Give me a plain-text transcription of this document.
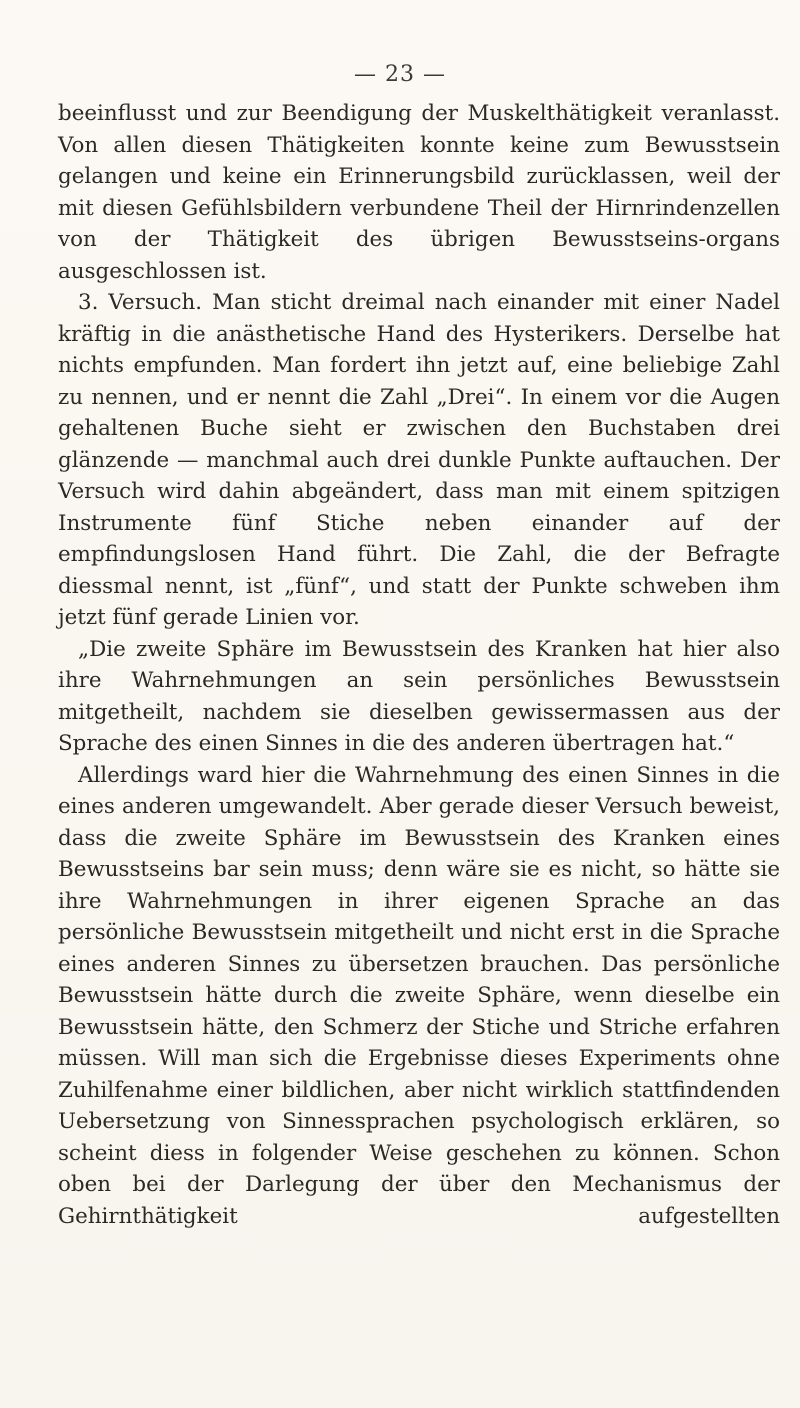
— 23 —

beeinflusst und zur Beendigung der Muskelthätigkeit veranlasst. Von allen diesen Thätigkeiten konnte keine zum Bewusstsein gelangen und keine ein Erinnerungsbild zurücklassen, weil der mit diesen Gefühlsbildern verbundene Theil der Hirnrindenzellen von der Thätigkeit des übrigen Bewusstseins-organs ausgeschlossen ist.

3. Versuch. Man sticht dreimal nach einander mit einer Nadel kräftig in die anästhetische Hand des Hysterikers. Derselbe hat nichts empfunden. Man fordert ihn jetzt auf, eine beliebige Zahl zu nennen, und er nennt die Zahl „Drei“. In einem vor die Augen gehaltenen Buche sieht er zwischen den Buchstaben drei glänzende — manchmal auch drei dunkle Punkte auftauchen. Der Versuch wird dahin abgeändert, dass man mit einem spitzigen Instrumente fünf Stiche neben einander auf der empfindungslosen Hand führt. Die Zahl, die der Befragte diessmal nennt, ist „fünf“, und statt der Punkte schweben ihm jetzt fünf gerade Linien vor.

„Die zweite Sphäre im Bewusstsein des Kranken hat hier also ihre Wahrnehmungen an sein persönliches Bewusstsein mitgetheilt, nachdem sie dieselben gewissermassen aus der Sprache des einen Sinnes in die des anderen übertragen hat.“

Allerdings ward hier die Wahrnehmung des einen Sinnes in die eines anderen umgewandelt. Aber gerade dieser Versuch beweist, dass die zweite Sphäre im Bewusstsein des Kranken eines Bewusstseins bar sein muss; denn wäre sie es nicht, so hätte sie ihre Wahrnehmungen in ihrer eigenen Sprache an das persönliche Bewusstsein mitgetheilt und nicht erst in die Sprache eines anderen Sinnes zu übersetzen brauchen. Das persönliche Bewusstsein hätte durch die zweite Sphäre, wenn dieselbe ein Bewusstsein hätte, den Schmerz der Stiche und Striche erfahren müssen. Will man sich die Ergebnisse dieses Experiments ohne Zuhilfenahme einer bildlichen, aber nicht wirklich stattfindenden Uebersetzung von Sinnessprachen psychologisch erklären, so scheint diess in folgender Weise geschehen zu können. Schon oben bei der Darlegung der über den Mechanismus der Gehirnthätigkeit aufgestellten
